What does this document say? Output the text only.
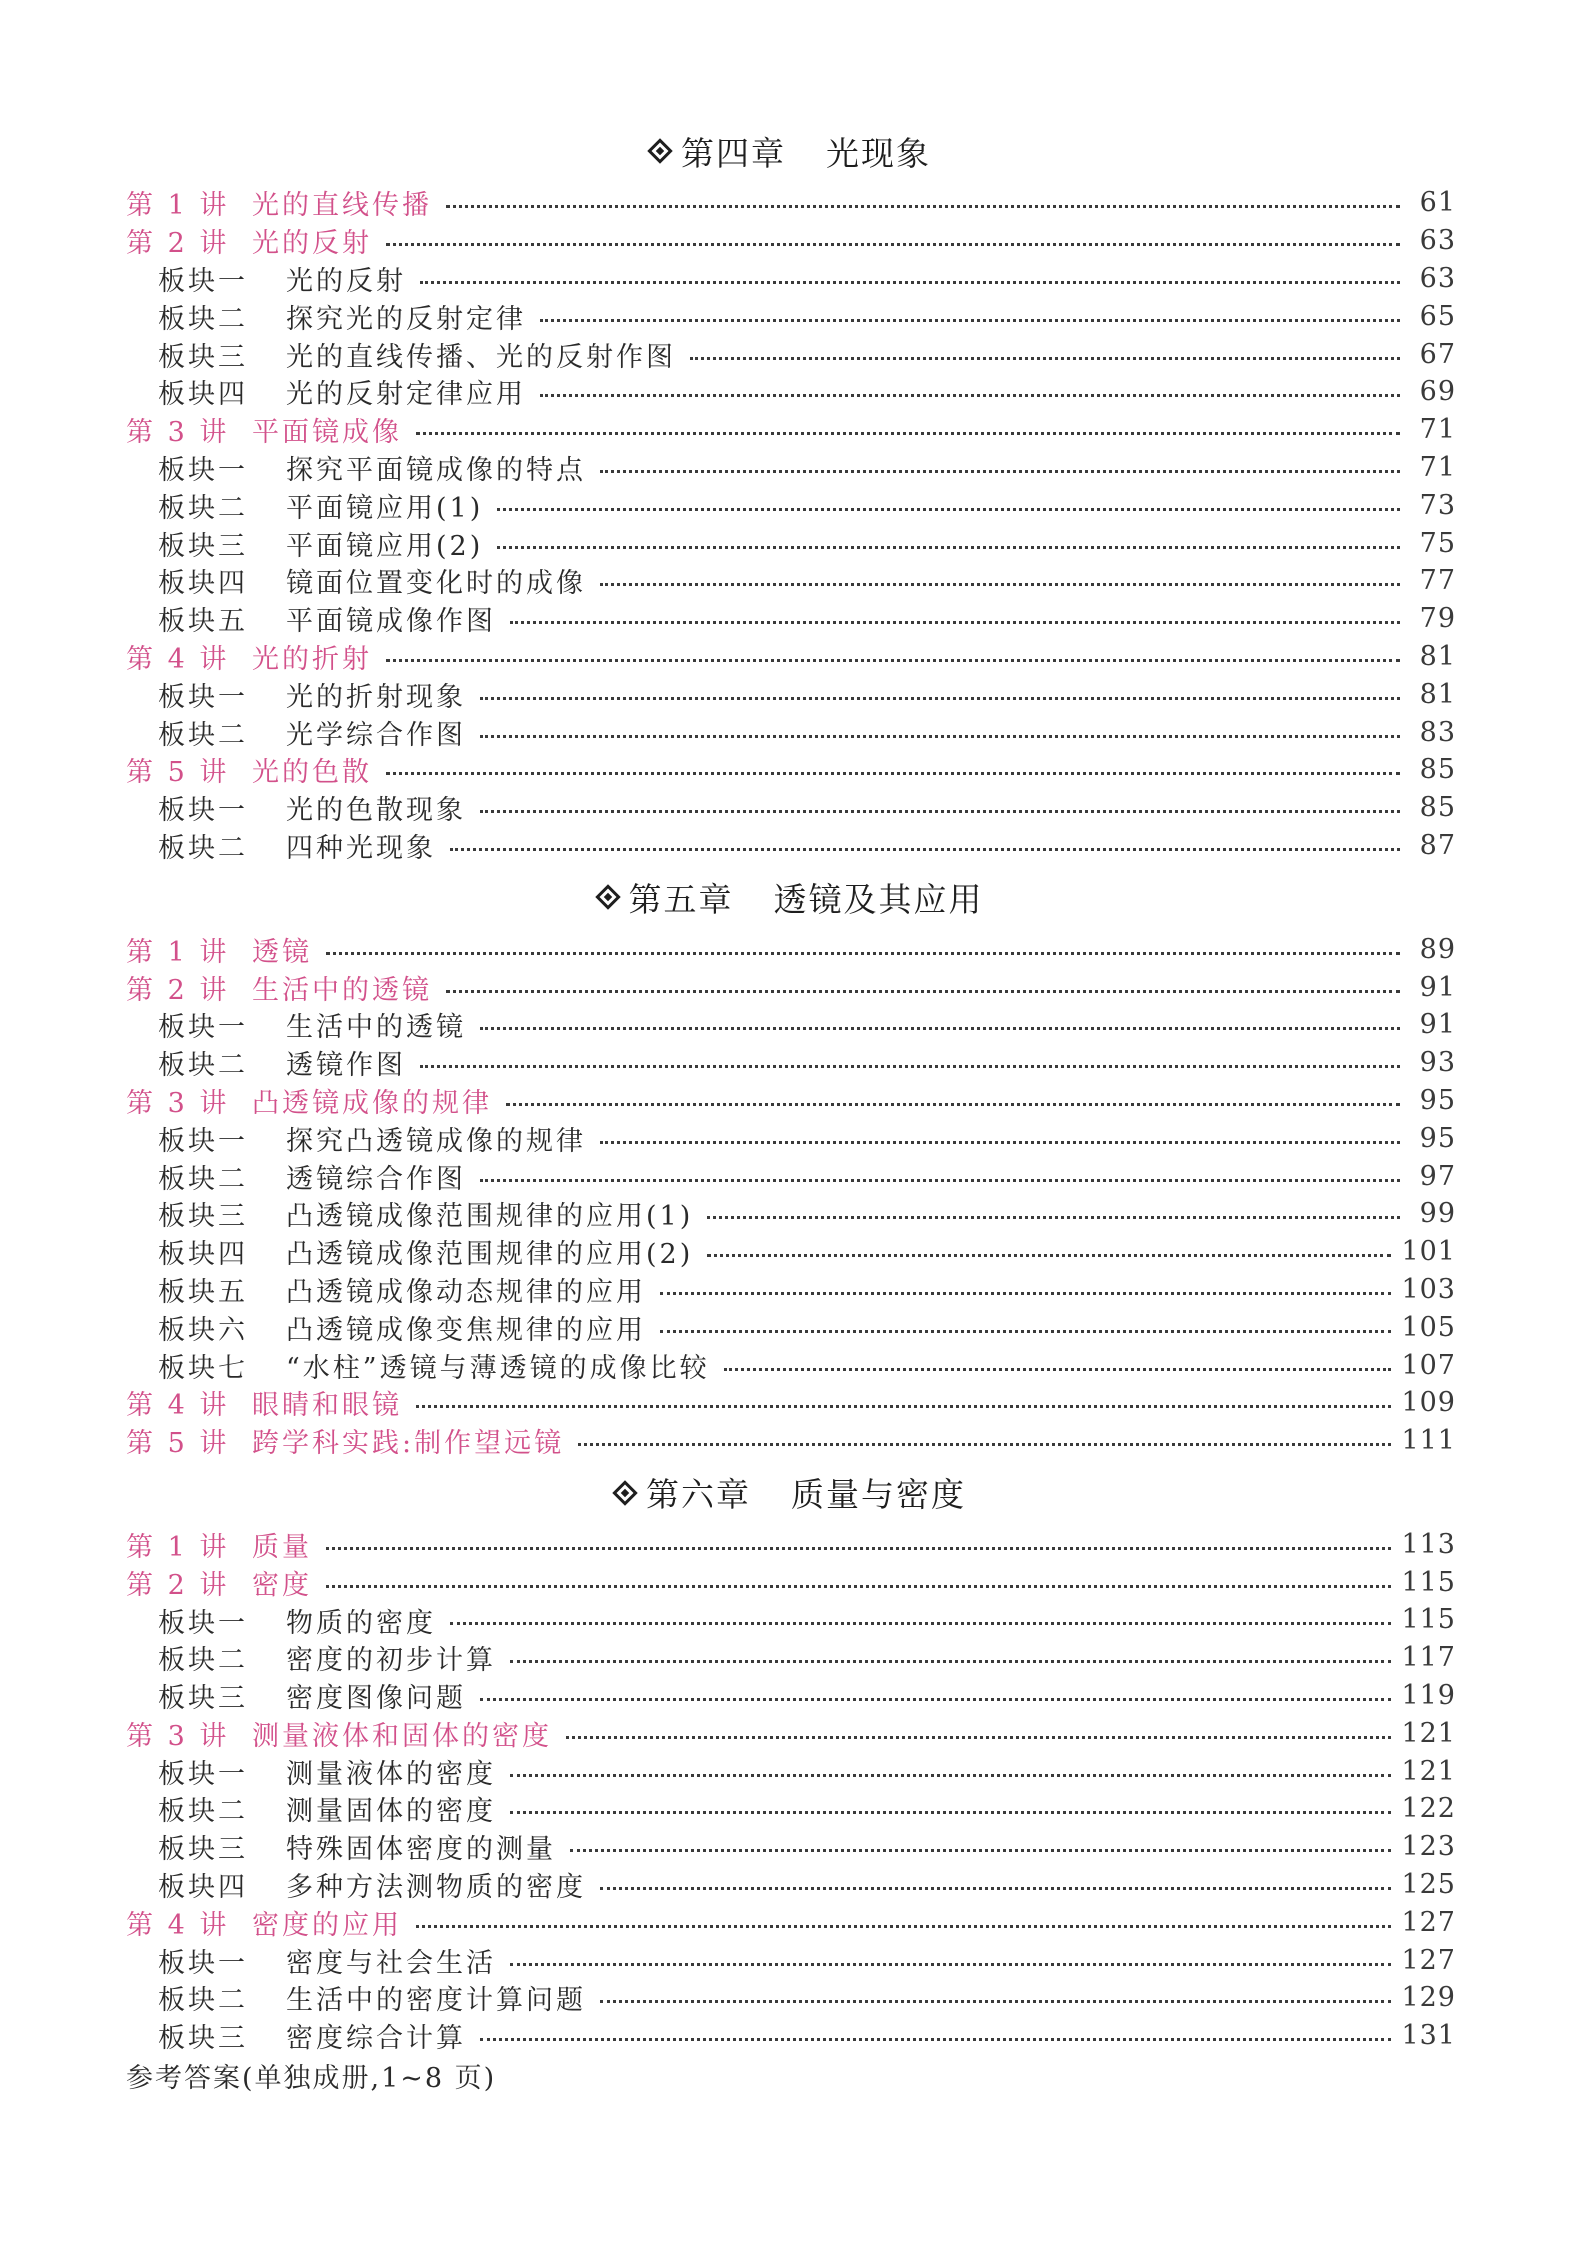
第四章 光现象
第 1 讲 光的直线传播	61
第 2 讲 光的反射	63
板块一	光的反射	63
板块二	探究光的反射定律	65
板块三	光的直线传播、光的反射作图	67
板块四	光的反射定律应用	69
第 3 讲 平面镜成像	71
板块一	探究平面镜成像的特点	71
板块二	平面镜应用(1)	73
板块三	平面镜应用(2)	75
板块四	镜面位置变化时的成像	77
板块五	平面镜成像作图	79
第 4 讲 光的折射	81
板块一	光的折射现象	81
板块二	光学综合作图	83
第 5 讲 光的色散	85
板块一	光的色散现象	85
板块二	四种光现象	87
第五章 透镜及其应用
第 1 讲 透镜	89
第 2 讲 生活中的透镜	91
板块一	生活中的透镜	91
板块二	透镜作图	93
第 3 讲 凸透镜成像的规律	95
板块一	探究凸透镜成像的规律	95
板块二	透镜综合作图	97
板块三	凸透镜成像范围规律的应用(1)	99
板块四	凸透镜成像范围规律的应用(2)	101
板块五	凸透镜成像动态规律的应用	103
板块六	凸透镜成像变焦规律的应用	105
板块七	“水柱”透镜与薄透镜的成像比较	107
第 4 讲 眼睛和眼镜	109
第 5 讲 跨学科实践:制作望远镜	111
第六章 质量与密度
第 1 讲 质量	113
第 2 讲 密度	115
板块一	物质的密度	115
板块二	密度的初步计算	117
板块三	密度图像问题	119
第 3 讲 测量液体和固体的密度	121
板块一	测量液体的密度	121
板块二	测量固体的密度	122
板块三	特殊固体密度的测量	123
板块四	多种方法测物质的密度	125
第 4 讲 密度的应用	127
板块一	密度与社会生活	127
板块二	生活中的密度计算问题	129
板块三	密度综合计算	131
参考答案(单独成册,1~8 页)
